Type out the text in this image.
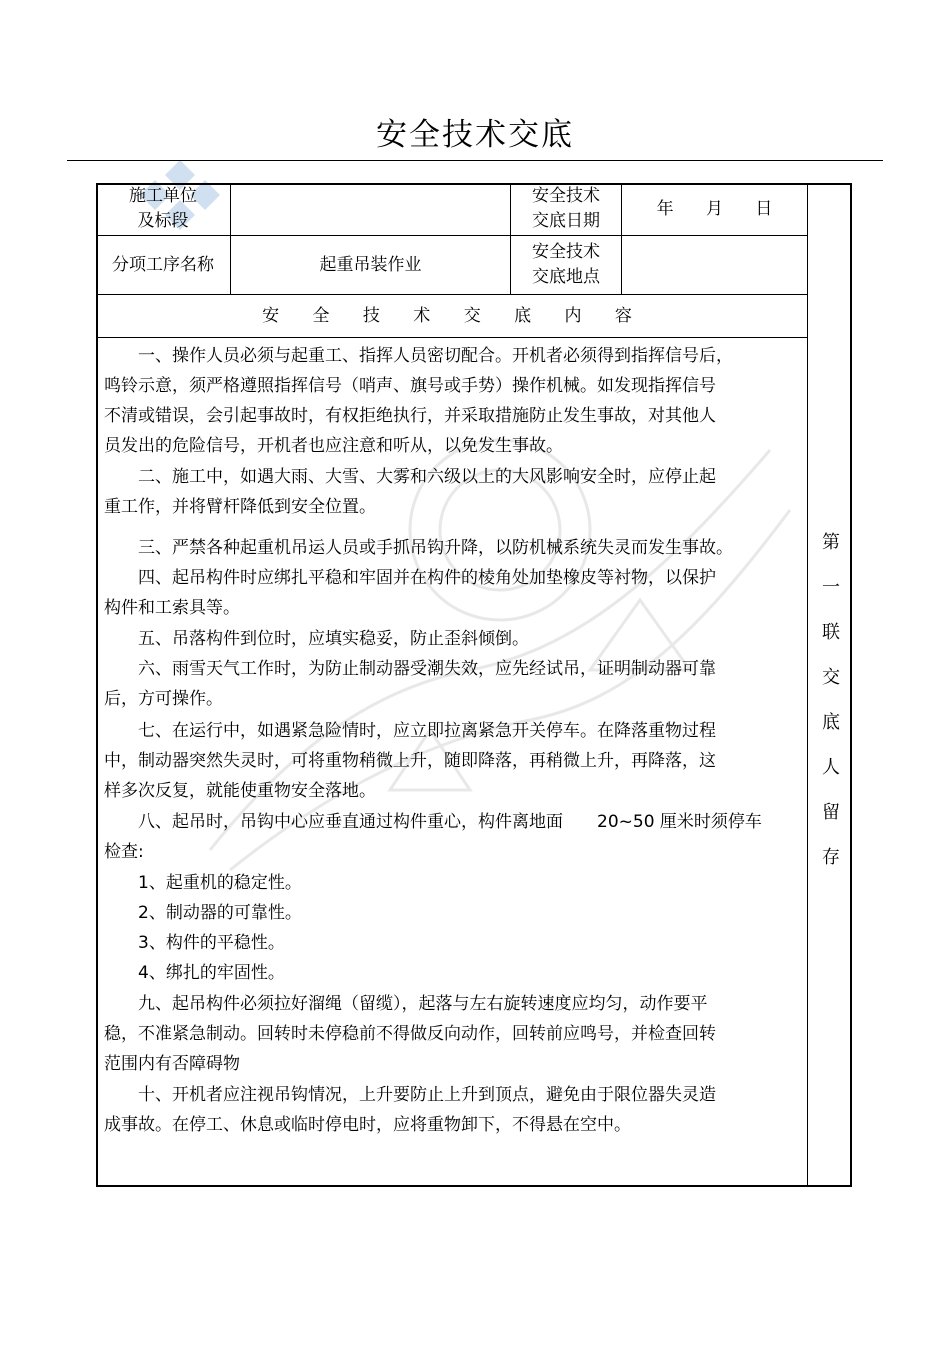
安全技术交底
施工单位
及标段
安全技术
交底日期
年      月      日
分项工序名称	起重吊装作业
安全技术
交底地点
安 全 技 术 交 底 内 容
　　一、操作人员必须与起重工、指挥人员密切配合。开机者必须得到指挥信号后，
鸣铃示意，须严格遵照指挥信号（哨声、旗号或手势）操作机械。如发现指挥信号
不清或错误，会引起事故时，有权拒绝执行，并采取措施防止发生事故，对其他人
员发出的危险信号，开机者也应注意和听从，以免发生事故。
　　二、施工中，如遇大雨、大雪、大雾和六级以上的大风影响安全时，应停止起
重工作，并将臂杆降低到安全位置。
　　三、严禁各种起重机吊运人员或手抓吊钩升降，以防机械系统失灵而发生事故。
　　四、起吊构件时应绑扎平稳和牢固并在构件的棱角处加垫橡皮等衬物，以保护
构件和工索具等。
　　五、吊落构件到位时，应填实稳妥，防止歪斜倾倒。
　　六、雨雪天气工作时，为防止制动器受潮失效，应先经试吊，证明制动器可靠
后，方可操作。
　　七、在运行中，如遇紧急险情时，应立即拉离紧急开关停车。在降落重物过程
中，制动器突然失灵时，可将重物稍微上升，随即降落，再稍微上升，再降落，这
样多次反复，就能使重物安全落地。
　　八、起吊时，吊钩中心应垂直通过构件重心，构件离地面　　20~50 厘米时须停车
检查:
　　1、起重机的稳定性。
　　2、制动器的可靠性。
　　3、构件的平稳性。
　　4、绑扎的牢固性。
　　九、起吊构件必须拉好溜绳（留缆），起落与左右旋转速度应均匀，动作要平
稳，不准紧急制动。回转时未停稳前不得做反向动作，回转前应鸣号，并检查回转
范围内有否障碍物
　　十、开机者应注视吊钩情况，上升要防止上升到顶点，避免由于限位器失灵造
成事故。在停工、休息或临时停电时，应将重物卸下，不得悬在空中。
第
一
联
交
底
人
留
存
